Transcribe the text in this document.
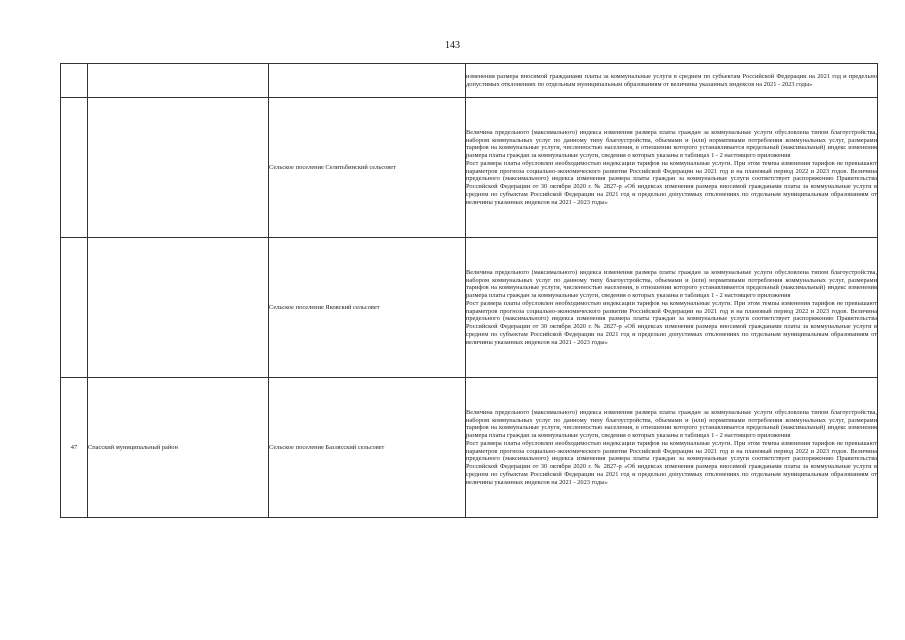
143

			изменения размера вносимой гражданами платы за коммунальные услуги в среднем по субъектам Российской Федерации на 2021 год и предельно допустимых отклонениях по отдельным муниципальным образованиям от величины указанных индексов на 2021 - 2023 годы»

		Сельское поселение Селитьбинский сельсовет	Величина предельного (максимального) индекса изменения размера платы граждан за коммунальные услуги обусловлена типом благоустройства, набором коммунальных услуг по данному типу благоустройства, объемами и (или) нормативами потребления коммунальных услуг, размерами тарифов на коммунальные услуги, численностью населения, в отношении которого устанавливается предельный (максимальный) индекс изменения размера платы граждан за коммунальные услуги, сведения о которых указаны в таблицах 1 - 2 настоящего приложения
Рост размера платы обусловлен необходимостью индексации тарифов на коммунальные услуги. При этом темпы изменения тарифов не превышают параметров прогноза социально-экономического развития Российской Федерации на 2021 год и на плановый период 2022 и 2023 годов. Величина предельного (максимального) индекса изменения размера платы граждан за коммунальные услуги соответствует распоряжению Правительства Российской Федерации от 30 октября 2020 г. № 2827-р «Об индексах изменения размера вносимой гражданами платы за коммунальные услуги в среднем по субъектам Российской Федерации на 2021 год и предельно допустимых отклонениях по отдельным муниципальным образованиям от величины указанных индексов на 2021 - 2023 годы»

		Сельское поселение Яковский сельсовет	Величина предельного (максимального) индекса изменения размера платы граждан за коммунальные услуги обусловлена типом благоустройства, набором коммунальных услуг по данному типу благоустройства, объемами и (или) нормативами потребления коммунальных услуг, размерами тарифов на коммунальные услуги, численностью населения, в отношении которого устанавливается предельный (максимальный) индекс изменения размера платы граждан за коммунальные услуги, сведения о которых указаны в таблицах 1 - 2 настоящего приложения
Рост размера платы обусловлен необходимостью индексации тарифов на коммунальные услуги. При этом темпы изменения тарифов не превышают параметров прогноза социально-экономического развития Российской Федерации на 2021 год и на плановый период 2022 и 2023 годов. Величина предельного (максимального) индекса изменения размера платы граждан за коммунальные услуги соответствует распоряжению Правительства Российской Федерации от 30 октября 2020 г. № 2827-р «Об индексах изменения размера вносимой гражданами платы за коммунальные услуги в среднем по субъектам Российской Федерации на 2021 год и предельно допустимых отклонениях по отдельным муниципальным образованиям от величины указанных индексов на 2021 - 2023 годы»

47	Спасский муниципальный район	Сельское поселение Базлясский сельсовет	Величина предельного (максимального) индекса изменения размера платы граждан за коммунальные услуги обусловлена типом благоустройства, набором коммунальных услуг по данному типу благоустройства, объемами и (или) нормативами потребления коммунальных услуг, размерами тарифов на коммунальные услуги, численностью населения, в отношении которого устанавливается предельный (максимальный) индекс изменения размера платы граждан за коммунальные услуги, сведения о которых указаны в таблицах 1 - 2 настоящего приложения
Рост размера платы обусловлен необходимостью индексации тарифов на коммунальные услуги. При этом темпы изменения тарифов не превышают параметров прогноза социально-экономического развития Российской Федерации на 2021 год и на плановый период 2022 и 2023 годов. Величина предельного (максимального) индекса изменения размера платы граждан за коммунальные услуги соответствует распоряжению Правительства Российской Федерации от 30 октября 2020 г. № 2827-р «Об индексах изменения размера вносимой гражданами платы за коммунальные услуги в среднем по субъектам Российской Федерации на 2021 год и предельно допустимых отклонениях по отдельным муниципальным образованиям от величины указанных индексов на 2021 - 2023 годы»
